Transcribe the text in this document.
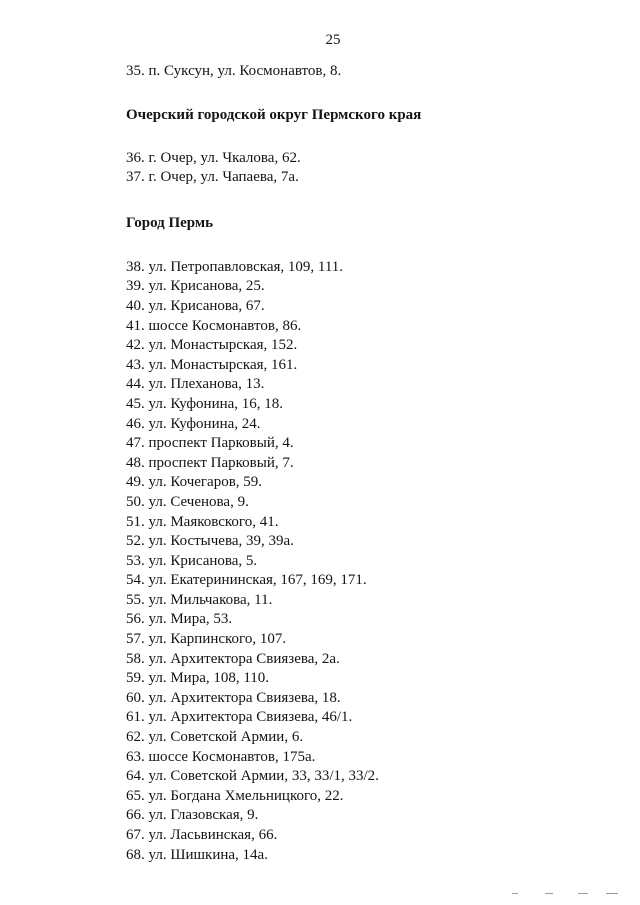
25
35. п. Суксун, ул. Космонавтов, 8.
Очерский городской округ Пермского края
36. г. Очер, ул. Чкалова, 62.
37. г. Очер, ул. Чапаева, 7а.
Город Пермь
38. ул. Петропавловская, 109, 111.
39. ул. Крисанова, 25.
40. ул. Крисанова, 67.
41. шоссе Космонавтов, 86.
42. ул. Монастырская, 152.
43. ул. Монастырская, 161.
44. ул. Плеханова, 13.
45. ул. Куфонина, 16, 18.
46. ул. Куфонина, 24.
47. проспект Парковый, 4.
48. проспект Парковый, 7.
49. ул. Кочегаров, 59.
50. ул. Сеченова, 9.
51. ул. Маяковского, 41.
52. ул. Костычева, 39, 39а.
53. ул. Крисанова, 5.
54. ул. Екатерининская, 167, 169, 171.
55. ул. Мильчакова, 11.
56. ул. Мира, 53.
57. ул. Карпинского, 107.
58. ул. Архитектора Свиязева, 2а.
59. ул. Мира, 108, 110.
60. ул. Архитектора Свиязева, 18.
61. ул. Архитектора Свиязева, 46/1.
62. ул. Советской Армии, 6.
63. шоссе Космонавтов, 175а.
64. ул. Советской Армии, 33, 33/1, 33/2.
65. ул. Богдана Хмельницкого, 22.
66. ул. Глазовская, 9.
67. ул. Ласьвинская, 66.
68. ул. Шишкина, 14а.
